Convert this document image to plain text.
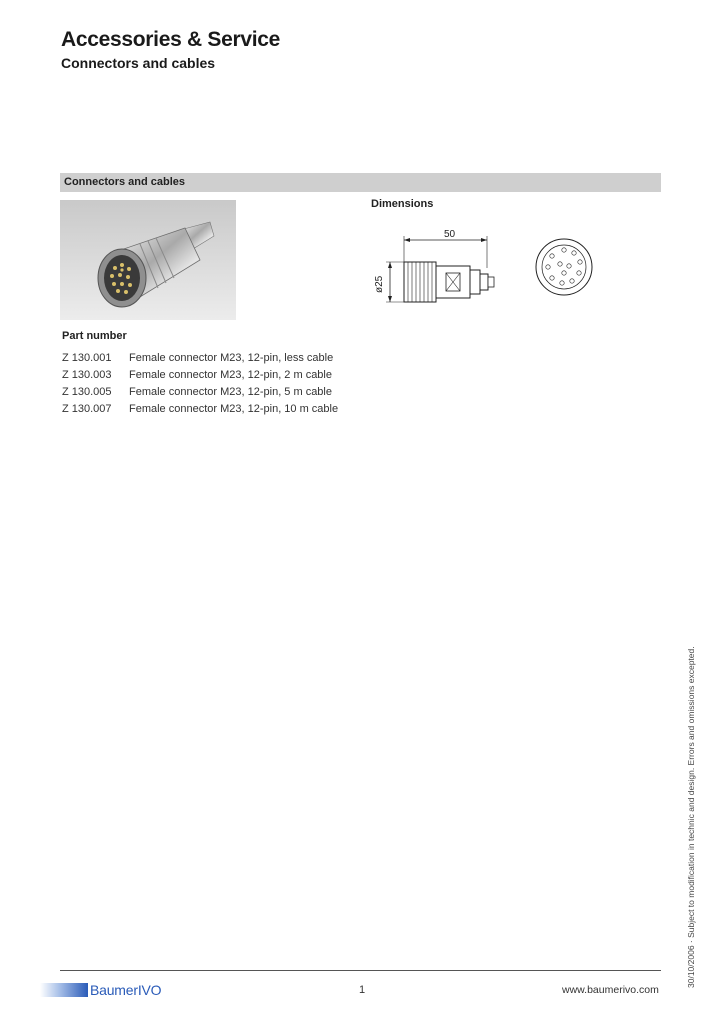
Accessories & Service
Connectors and cables
Connectors and cables
Dimensions
50
ø25
Part number
Z 130.001 Female connector M23, 12-pin, less cable
Z 130.003 Female connector M23, 12-pin, 2 m cable
Z 130.005 Female connector M23, 12-pin, 5 m cable
Z 130.007 Female connector M23, 12-pin, 10 m cable
30/10/2006 · Subject to modification in technic and design. Errors and omissions excepted.
BaumerIVO	1	www.baumerivo.com
